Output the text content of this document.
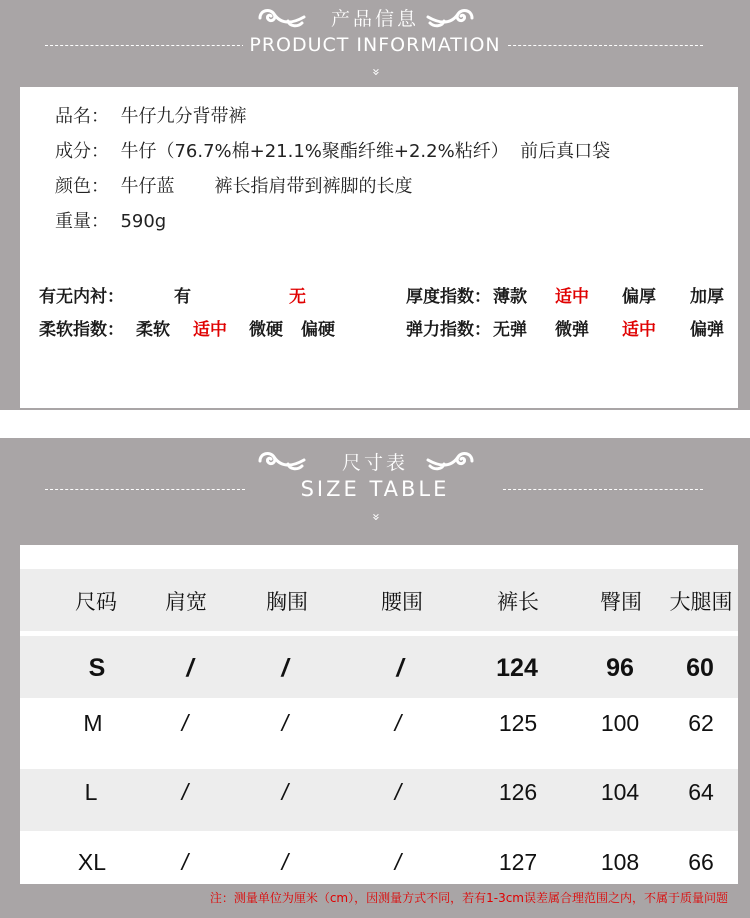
产品信息
PRODUCT INFORMATION
»
品名：  牛仔九分背带裤
成分：  牛仔（76.7%棉+21.1%聚酯纤维+2.2%粘纤）  前后真口袋
颜色：  牛仔蓝       裤长指肩带到裤脚的长度
重量：  590g
有无内衬：	有	无	厚度指数： 薄款 适中 偏厚 加厚
柔软指数： 柔软 适中 微硬 偏硬	弹力指数： 无弹 微弹 适中 偏弹
尺寸表
SIZE TABLE
»
尺码 肩宽	胸围	腰围	裤长	臀围 大腿围
S	/	/	/	124	96 60
M	/	/	/	125	100 62
L	/	/	/	126	104 64
XL	/	/	/	127	108 66
注：测量单位为厘米（cm），因测量方式不同，若有1-3cm误差属合理范围之内，不属于质量问题
